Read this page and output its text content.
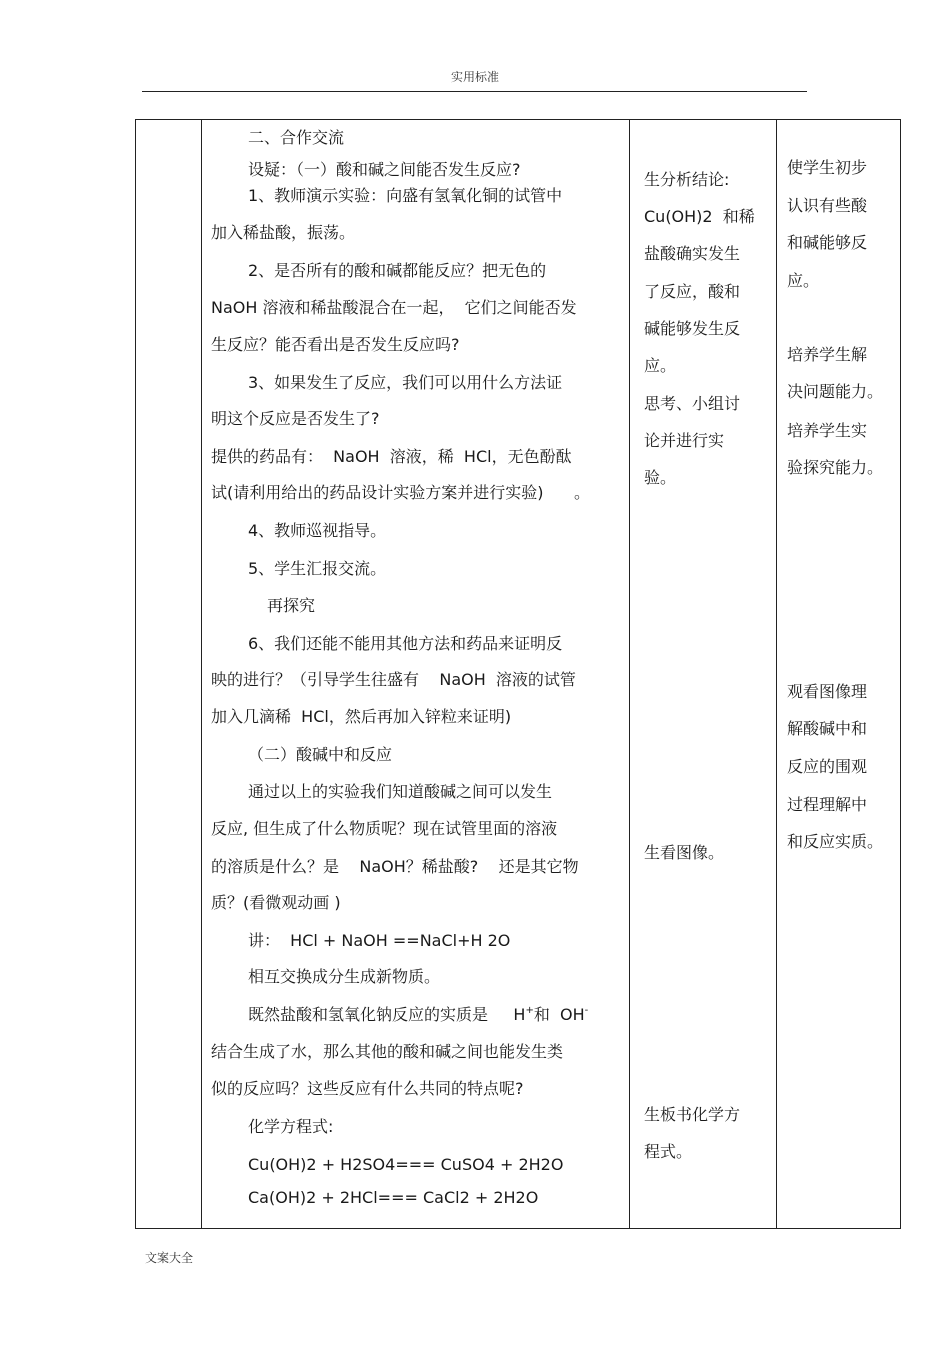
实用标准
二、合作交流
设疑：（一）酸和碱之间能否发生反应?
1、教师演示实验：向盛有氢氧化铜的试管中
加入稀盐酸，振荡。
2、是否所有的酸和碱都能反应？把无色的
NaOH 溶液和稀盐酸混合在一起，  它们之间能否发
生反应？能否看出是否发生反应吗?
3、如果发生了反应，我们可以用什么方法证
明这个反应是否发生了?
提供的药品有：  NaOH  溶液，稀  HCl，无色酚酞
试(请利用给出的药品设计实验方案并进行实验)      。
4、教师巡视指导。
5、学生汇报交流。
再探究
6、我们还能不能用其他方法和药品来证明反
映的进行？（引导学生往盛有    NaOH  溶液的试管
加入几滴稀  HCl，然后再加入锌粒来证明)
（二）酸碱中和反应
通过以上的实验我们知道酸碱之间可以发生
反应, 但生成了什么物质呢？现在试管里面的溶液
的溶质是什么？是    NaOH？稀盐酸?    还是其它物
质？(看微观动画 )
讲：  HCl + NaOH ==NaCl+H 2O
相互交换成分生成新物质。
既然盐酸和氢氧化钠反应的实质是     H+和  OH-
结合生成了水，那么其他的酸和碱之间也能发生类
似的反应吗？这些反应有什么共同的特点呢?
化学方程式:
Cu(OH)2 + H2SO4=== CuSO4 + 2H2O
Ca(OH)2 + 2HCl=== CaCl2 + 2H2O
生分析结论:
Cu(OH)2  和稀
盐酸确实发生
了反应，酸和
碱能够发生反
应。
思考、小组讨
论并进行实
验。
生看图像。
生板书化学方
程式。
使学生初步
认识有些酸
和碱能够反
应。
培养学生解
决问题能力。
培养学生实
验探究能力。
观看图像理
解酸碱中和
反应的围观
过程理解中
和反应实质。
文案大全
